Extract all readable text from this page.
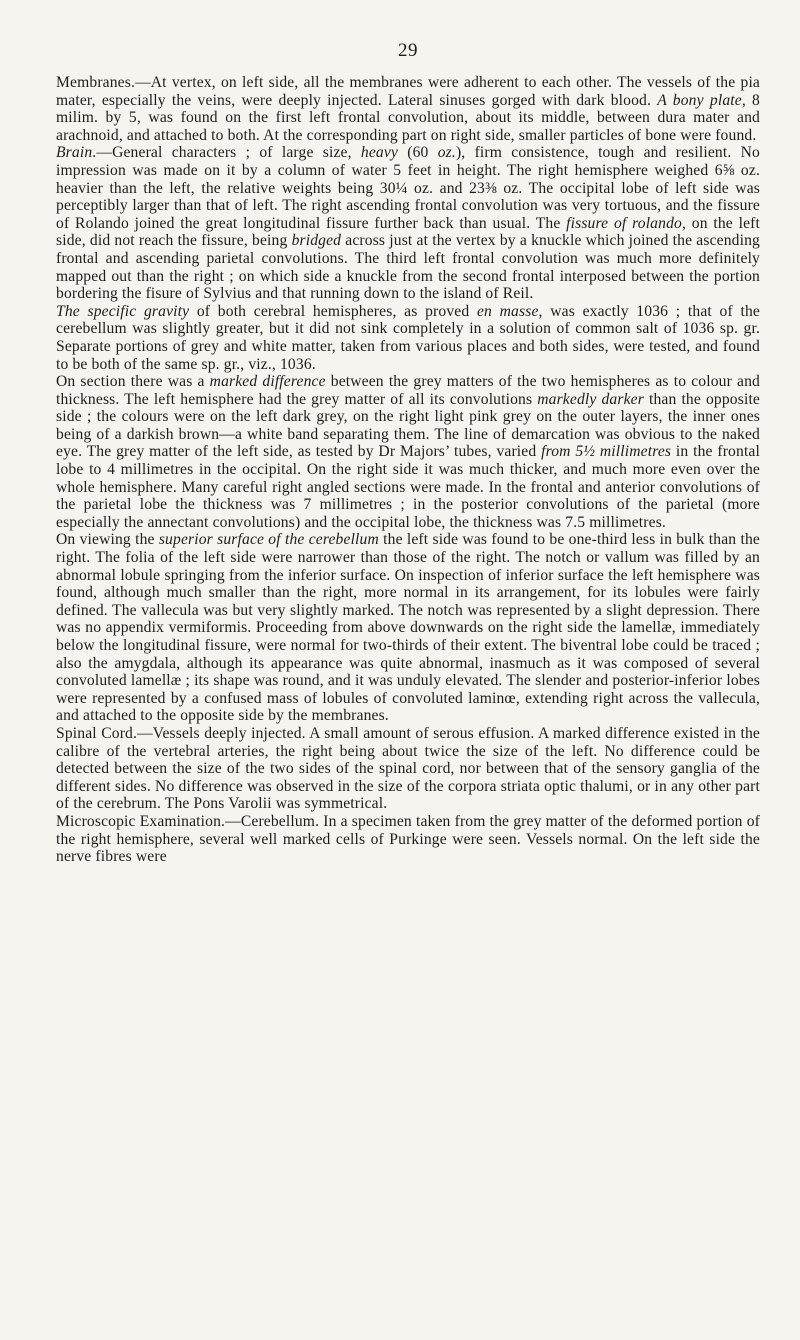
29

Membranes.—At vertex, on left side, all the membranes were adherent to each other. The vessels of the pia mater, especially the veins, were deeply injected. Lateral sinuses gorged with dark blood. A bony plate, 8 milim. by 5, was found on the first left frontal convolution, about its middle, between dura mater and arachnoid, and attached to both. At the corresponding part on right side, smaller particles of bone were found.

Brain.—General characters ; of large size, heavy (60 oz.), firm consistence, tough and resilient. No impression was made on it by a column of water 5 feet in height. The right hemisphere weighed 6⅝ oz. heavier than the left, the relative weights being 30¼ oz. and 23⅜ oz. The occipital lobe of left side was perceptibly larger than that of left. The right ascending frontal convolution was very tortuous, and the fissure of Rolando joined the great longitudinal fissure further back than usual. The fissure of rolando, on the left side, did not reach the fissure, being bridged across just at the vertex by a knuckle which joined the ascending frontal and ascending parietal convolutions. The third left frontal convolution was much more definitely mapped out than the right ; on which side a knuckle from the second frontal interposed between the portion bordering the fisure of Sylvius and that running down to the island of Reil.

The specific gravity of both cerebral hemispheres, as proved en masse, was exactly 1036 ; that of the cerebellum was slightly greater, but it did not sink completely in a solution of common salt of 1036 sp. gr. Separate portions of grey and white matter, taken from various places and both sides, were tested, and found to be both of the same sp. gr., viz., 1036.

On section there was a marked difference between the grey matters of the two hemispheres as to colour and thickness. The left hemisphere had the grey matter of all its convolutions markedly darker than the opposite side ; the colours were on the left dark grey, on the right light pink grey on the outer layers, the inner ones being of a darkish brown—a white band separating them. The line of demarcation was obvious to the naked eye. The grey matter of the left side, as tested by Dr Majors’ tubes, varied from 5½ millimetres in the frontal lobe to 4 millimetres in the occipital. On the right side it was much thicker, and much more even over the whole hemisphere. Many careful right angled sections were made. In the frontal and anterior convolutions of the parietal lobe the thickness was 7 millimetres ; in the posterior convolutions of the parietal (more especially the annectant convolutions) and the occipital lobe, the thickness was 7.5 millimetres.

On viewing the superior surface of the cerebellum the left side was found to be one-third less in bulk than the right. The folia of the left side were narrower than those of the right. The notch or vallum was filled by an abnormal lobule springing from the inferior surface. On inspection of inferior surface the left hemisphere was found, although much smaller than the right, more normal in its arrangement, for its lobules were fairly defined. The vallecula was but very slightly marked. The notch was represented by a slight depression. There was no appendix vermiformis. Proceeding from above downwards on the right side the lamellæ, immediately below the longitudinal fissure, were normal for two-thirds of their extent. The biventral lobe could be traced ; also the amygdala, although its appearance was quite abnormal, inasmuch as it was composed of several convoluted lamellæ ; its shape was round, and it was unduly elevated. The slender and posterior-inferior lobes were represented by a confused mass of lobules of convoluted laminœ, extending right across the vallecula, and attached to the opposite side by the membranes.

Spinal Cord.—Vessels deeply injected. A small amount of serous effusion. A marked difference existed in the calibre of the vertebral arteries, the right being about twice the size of the left. No difference could be detected between the size of the two sides of the spinal cord, nor between that of the sensory ganglia of the different sides. No difference was observed in the size of the corpora striata optic thalumi, or in any other part of the cerebrum. The Pons Varolii was symmetrical.

Microscopic Examination.—Cerebellum. In a specimen taken from the grey matter of the deformed portion of the right hemisphere, several well marked cells of Purkinge were seen. Vessels normal. On the left side the nerve fibres were
